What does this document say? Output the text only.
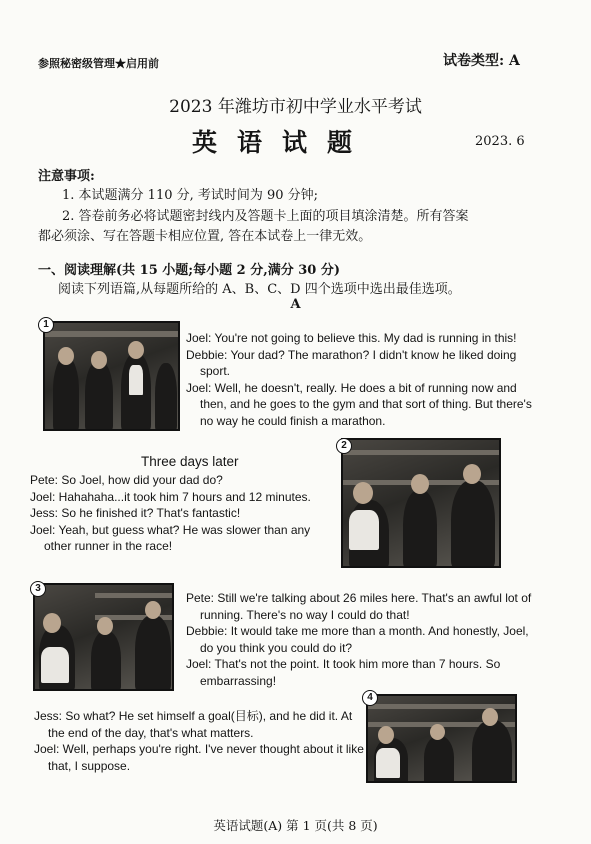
参照秘密级管理★启用前	试卷类型: A
2023 年潍坊市初中学业水平考试
英语试题	2023. 6
注意事项:
1. 本试题满分 110 分, 考试时间为 90 分钟;
2. 答卷前务必将试题密封线内及答题卡上面的项目填涂清楚。所有答案
都必须涂、写在答题卡相应位置, 答在本试卷上一律无效。
一、阅读理解(共 15 小题;每小题 2 分,满分 30 分)
阅读下列语篇,从每题所给的 A、B、C、D 四个选项中选出最佳选项。
A
1
Joel: You're not going to believe this. My dad is running in this!
Debbie: Your dad? The marathon? I didn't know he liked doing sport.
Joel: Well, he doesn't, really. He does a bit of running now and then, and he goes to the gym and that sort of thing. But there's no way he could finish a marathon.
Three days later
Pete: So Joel, how did your dad do?
Joel: Hahahaha...it took him 7 hours and 12 minutes.
Jess: So he finished it? That's fantastic!
Joel: Yeah, but guess what? He was slower than any other runner in the race!
2
3
Pete: Still we're talking about 26 miles here. That's an awful lot of running. There's no way I could do that!
Debbie: It would take me more than a month. And honestly, Joel, do you think you could do it?
Joel: That's not the point. It took him more than 7 hours. So embarrassing!
Jess: So what? He set himself a goal(目标), and he did it. At the end of the day, that's what matters.
Joel: Well, perhaps you're right. I've never thought about it like that, I suppose.
4
英语试题(A) 第 1 页(共 8 页)
